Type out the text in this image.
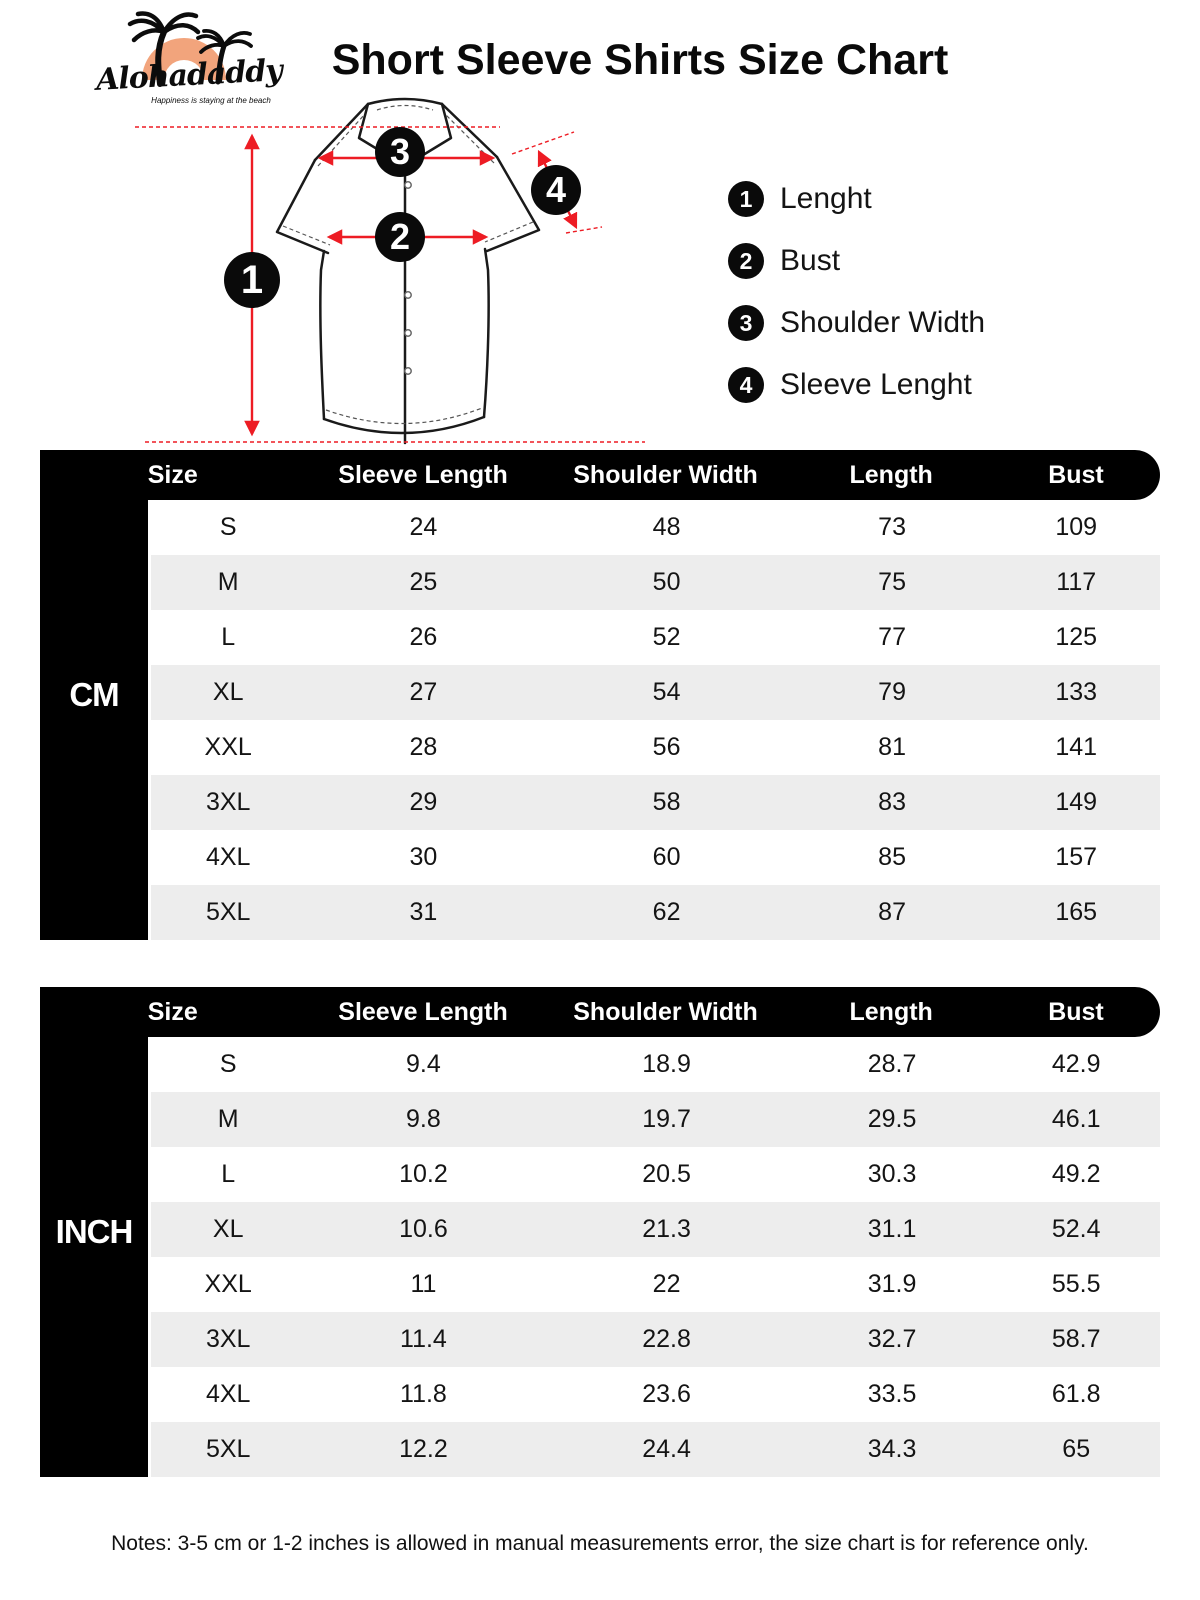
Alohadaddy
Happiness is staying at the beach
Short Sleeve Shirts Size Chart
1
3
2
4	1 Lenght
2 Bust
3 Shoulder Width
4 Sleeve Lenght
CM
Size	Sleeve Length	Shoulder Width	Length	Bust
S	24	48	73	109
M	25	50	75	117
L	26	52	77	125
XL	27	54	79	133
XXL	28	56	81	141
3XL	29	58	83	149
4XL	30	60	85	157
5XL	31	62	87	165
INCH
Size	Sleeve Length	Shoulder Width	Length	Bust
S	9.4	18.9	28.7	42.9
M	9.8	19.7	29.5	46.1
L	10.2	20.5	30.3	49.2
XL	10.6	21.3	31.1	52.4
XXL	11	22	31.9	55.5
3XL	11.4	22.8	32.7	58.7
4XL	11.8	23.6	33.5	61.8
5XL	12.2	24.4	34.3	65
Notes: 3-5 cm or 1-2 inches is allowed in manual measurements error, the size chart is for reference only.
